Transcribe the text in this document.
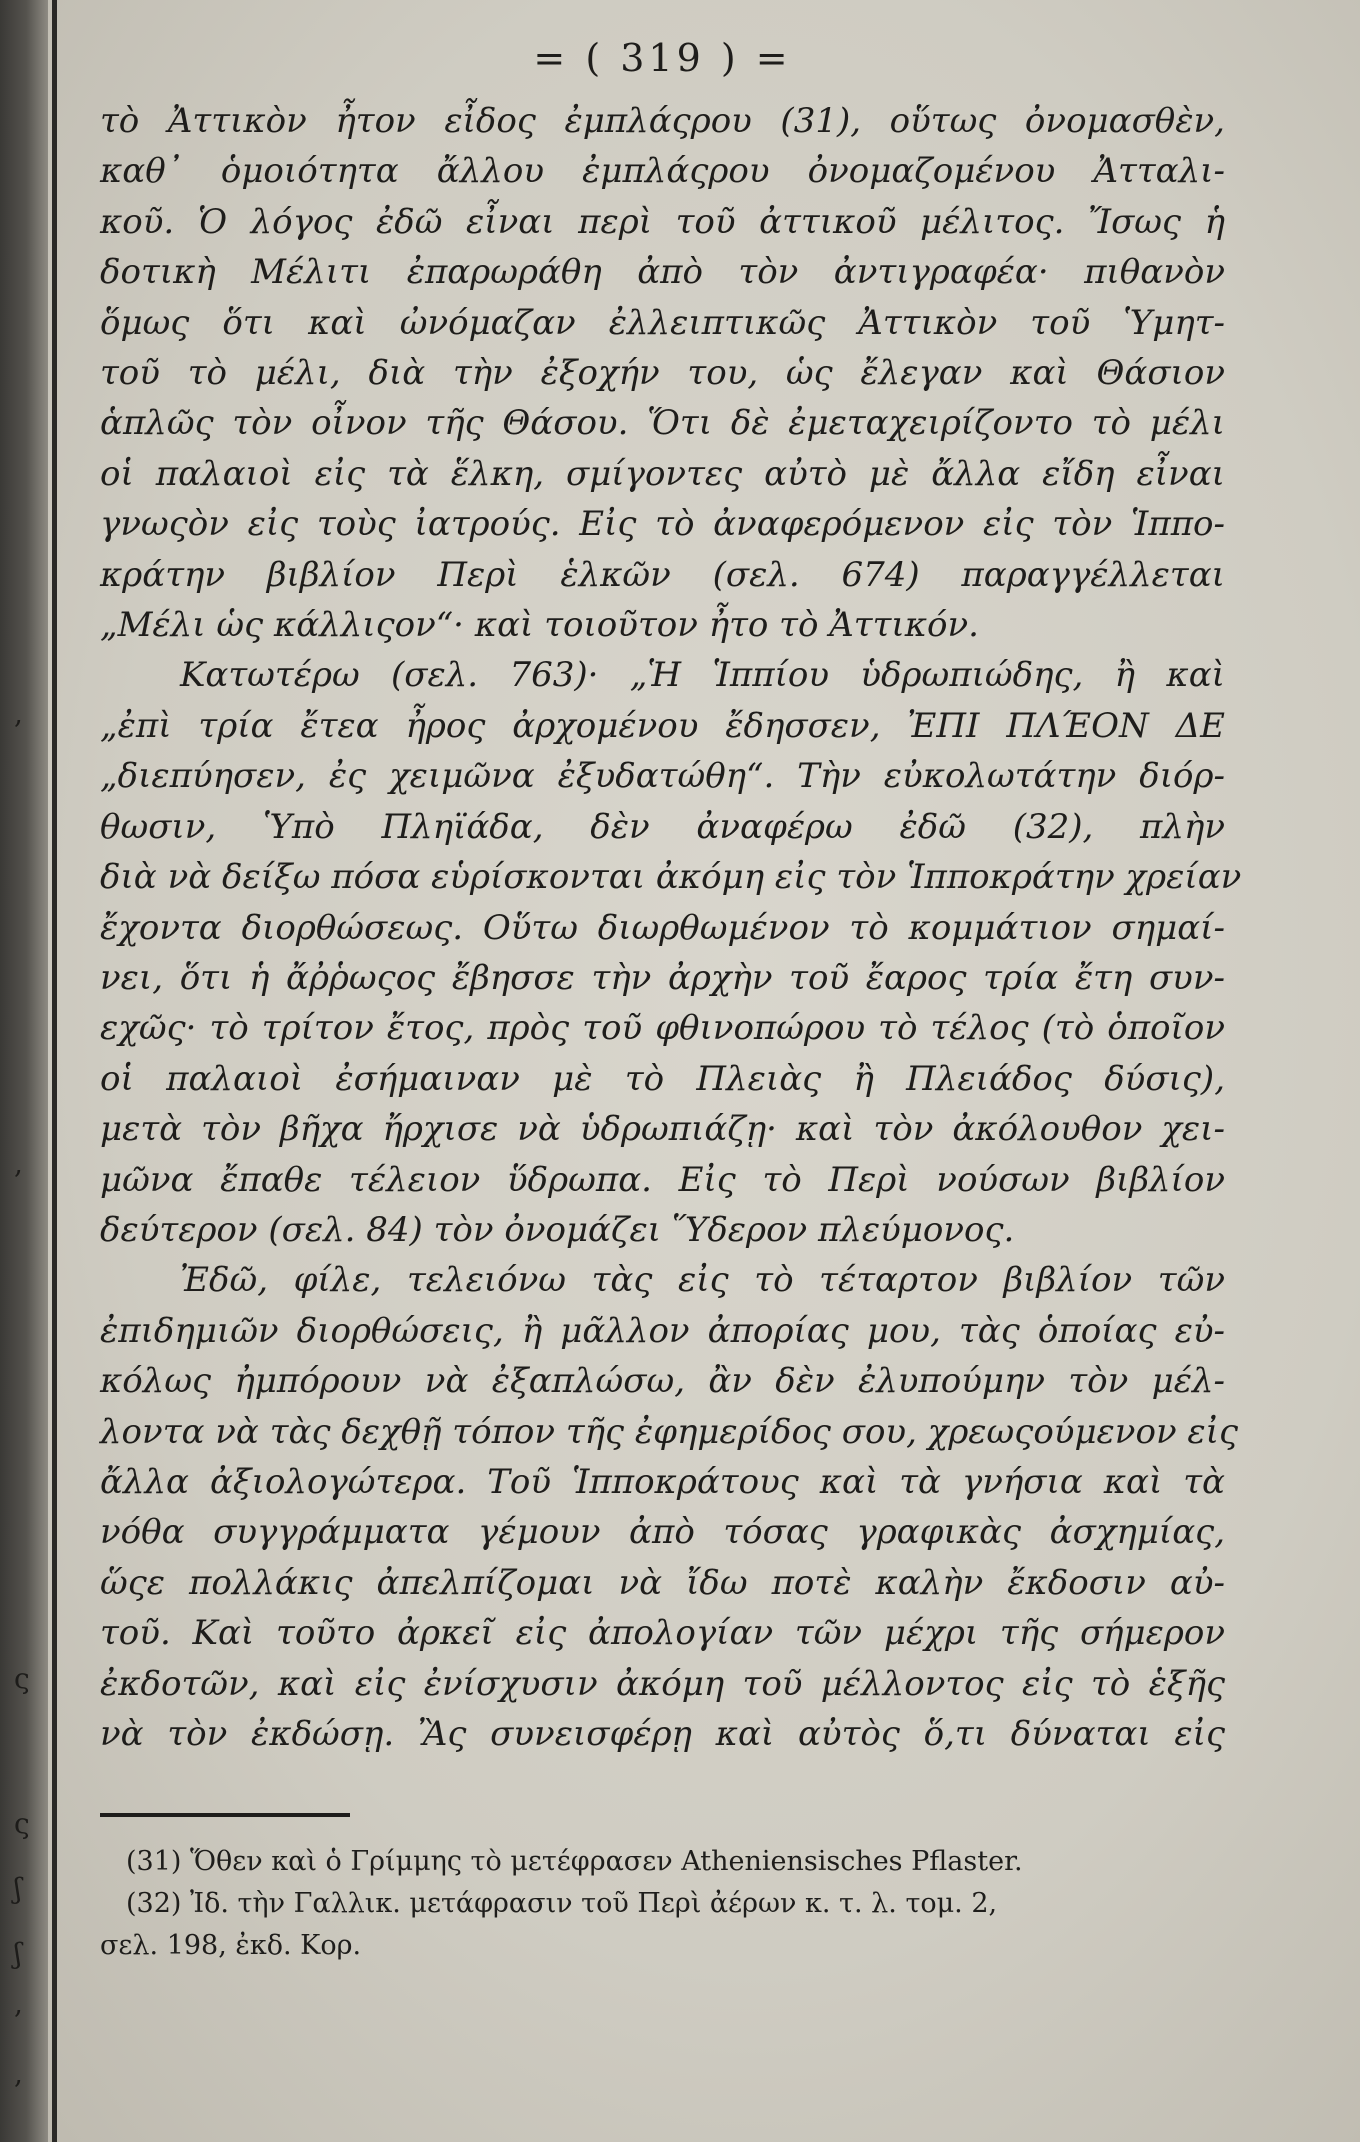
,
,
ς
ς
ʃ
ʃ
,
,
= ( 319 ) =

τὸ Ἀττικὸν ἦτον εἶδος ἐμπλάςρου (31), οὕτως ὀνομασθὲν,

καθ᾽ ὁμοιότητα ἄλλου ἐμπλάςρου ὀνομαζομένου Ἀτταλι-

κοῦ. Ὁ λόγος ἐδῶ εἶναι περὶ τοῦ ἀττικοῦ μέλιτος. Ἴσως ἡ

δοτικὴ Μέλιτι ἐπαρωράθη ἀπὸ τὸν ἀντιγραφέα· πιθανὸν

ὅμως ὅτι καὶ ὠνόμαζαν ἐλλειπτικῶς Ἀττικὸν τοῦ Ὑμητ-

τοῦ τὸ μέλι, διὰ τὴν ἐξοχήν του, ὡς ἔλεγαν καὶ Θάσιον

ἁπλῶς τὸν οἶνον τῆς Θάσου. Ὅτι δὲ ἐμεταχειρίζοντο τὸ μέλι

οἱ παλαιοὶ εἰς τὰ ἕλκη, σμίγοντες αὐτὸ μὲ ἄλλα εἴδη εἶναι

γνωςὸν εἰς τοὺς ἰατρούς. Εἰς τὸ ἀναφερόμενον εἰς τὸν Ἱππο-

κράτην βιβλίον Περὶ ἑλκῶν (σελ. 674) παραγγέλλεται

„Μέλι ὡς κάλλιςον“· καὶ τοιοῦτον ἦτο τὸ Ἀττικόν.

Κατωτέρω (σελ. 763)· „Ἡ Ἱππίου ὑδρωπιώδης, ἢ καὶ

„ἐπὶ τρία ἔτεα ἦρος ἀρχομένου ἔδησσεν, ἘΠΙ ΠΛΈΟΝ ΔΕ

„διεπύησεν, ἐς χειμῶνα ἐξυδατώθη“. Τὴν εὐκολωτάτην διόρ-

θωσιν, Ὑπὸ Πληϊάδα, δὲν ἀναφέρω ἐδῶ (32), πλὴν

διὰ νὰ δείξω πόσα εὑρίσκονται ἀκόμη εἰς τὸν Ἱπποκράτην χρείαν

ἔχοντα διορθώσεως. Οὕτω διωρθωμένον τὸ κομμάτιον σημαί-

νει, ὅτι ἡ ἄῤῥωςος ἔβησσε τὴν ἀρχὴν τοῦ ἔαρος τρία ἔτη συν-

εχῶς· τὸ τρίτον ἔτος, πρὸς τοῦ φθινοπώρου τὸ τέλος (τὸ ὁποῖον

οἱ παλαιοὶ ἐσήμαιναν μὲ τὸ Πλειὰς ἢ Πλειάδος δύσις),

μετὰ τὸν βῆχα ἤρχισε νὰ ὑδρωπιάζῃ· καὶ τὸν ἀκόλουθον χει-

μῶνα ἔπαθε τέλειον ὕδρωπα. Εἰς τὸ Περὶ νούσων βιβλίον

δεύτερον (σελ. 84) τὸν ὀνομάζει Ὕδερον πλεύμονος.

Ἐδῶ, φίλε, τελειόνω τὰς εἰς τὸ τέταρτον βιβλίον τῶν

ἐπιδημιῶν διορθώσεις, ἢ μᾶλλον ἀπορίας μου, τὰς ὁποίας εὐ-

κόλως ἠμπόρουν νὰ ἐξαπλώσω, ἂν δὲν ἐλυπούμην τὸν μέλ-

λοντα νὰ τὰς δεχθῇ τόπον τῆς ἐφημερίδος σου, χρεωςούμενον εἰς

ἄλλα ἀξιολογώτερα. Τοῦ Ἱπποκράτους καὶ τὰ γνήσια καὶ τὰ

νόθα συγγράμματα γέμουν ἀπὸ τόσας γραφικὰς ἀσχημίας,

ὥςε πολλάκις ἀπελπίζομαι νὰ ἴδω ποτὲ καλὴν ἔκδοσιν αὐ-

τοῦ. Καὶ τοῦτο ἀρκεῖ εἰς ἀπολογίαν τῶν μέχρι τῆς σήμερον

ἐκδοτῶν, καὶ εἰς ἐνίσχυσιν ἀκόμη τοῦ μέλλοντος εἰς τὸ ἑξῆς

νὰ τὸν ἐκδώσῃ. Ἂς συνεισφέρῃ καὶ αὐτὸς ὅ,τι δύναται εἰς

(31) Ὅθεν καὶ ὁ Γρίμμης τὸ μετέφρασεν Atheniensisches Pflaster.

(32) Ἰδ. τὴν Γαλλικ. μετάφρασιν τοῦ Περὶ ἀέρων κ. τ. λ. τομ. 2,

σελ. 198, ἐκδ. Κορ.
